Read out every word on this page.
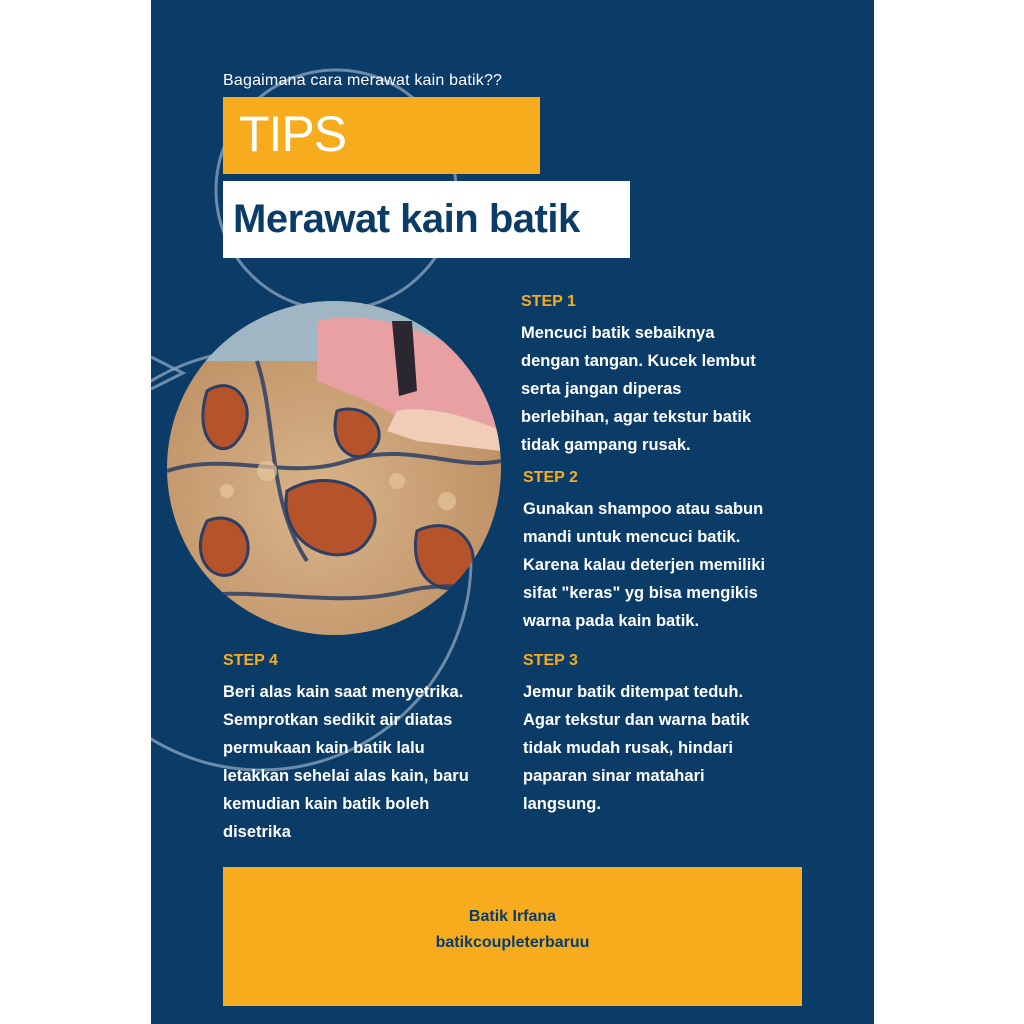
Bagaimana cara merawat kain batik??
TIPS
Merawat kain batik
STEP 1
Mencuci batik sebaiknya
dengan tangan. Kucek lembut
serta jangan diperas
berlebihan, agar tekstur batik
tidak gampang rusak.
STEP 2
Gunakan shampoo atau sabun
mandi untuk mencuci batik.
Karena kalau deterjen memiliki
sifat "keras" yg bisa mengikis
warna pada kain batik.
STEP 3
Jemur batik ditempat teduh.
Agar tekstur dan warna batik
tidak mudah rusak, hindari
paparan sinar matahari
langsung.
STEP 4
Beri alas kain saat menyetrika.
Semprotkan sedikit air diatas
permukaan kain batik lalu
letakkan sehelai alas kain, baru
kemudian kain batik boleh
disetrika
Batik Irfana
batikcoupleterbaruu
